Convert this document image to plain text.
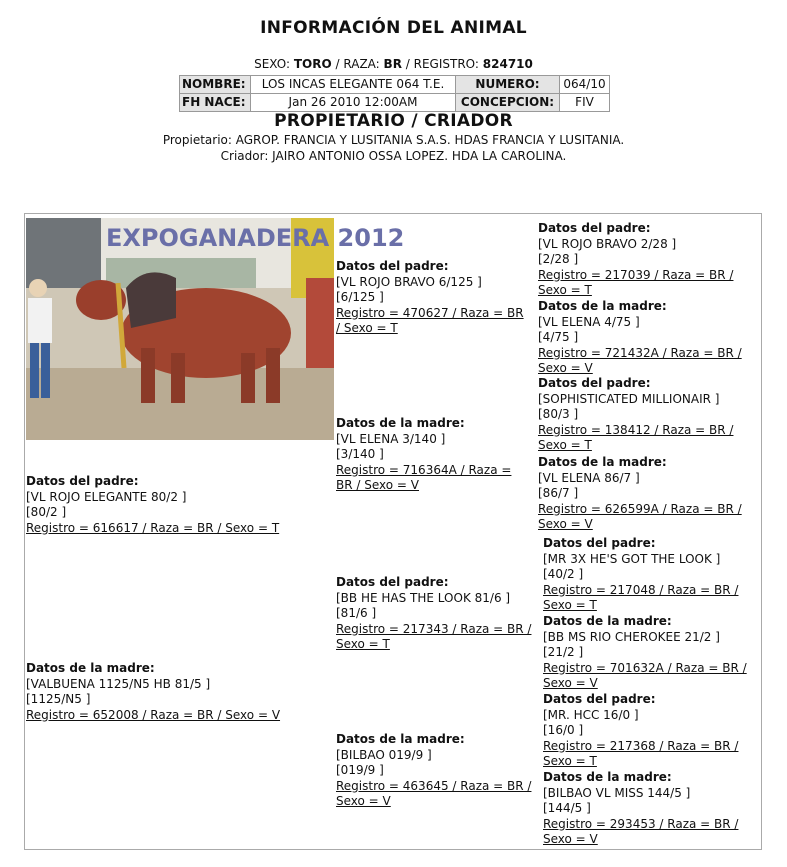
INFORMACIÓN DEL ANIMAL
SEXO: TORO / RAZA: BR / REGISTRO: 824710
NOMBRE:	LOS INCAS ELEGANTE 064 T.E.	NUMERO:	064/10
FH NACE:	Jan 26 2010 12:00AM	CONCEPCION:	FIV
PROPIETARIO / CRIADOR
Propietario: AGROP. FRANCIA Y LUSITANIA S.A.S. HDAS FRANCIA Y LUSITANIA.
Criador: JAIRO ANTONIO OSSA LOPEZ. HDA LA CAROLINA.
EXPOGANADERA 2012
Datos del padre:
[VL ROJO ELEGANTE 80/2 ]
[80/2 ]
Registro = 616617 / Raza = BR / Sexo = T
Datos de la madre:
[VALBUENA 1125/N5 HB 81/5 ]
[1125/N5 ]
Registro = 652008 / Raza = BR / Sexo = V
Datos del padre:
[VL ROJO BRAVO 6/125 ]
[6/125 ]
Registro = 470627 / Raza = BR / Sexo = T
Datos de la madre:
[VL ELENA 3/140 ]
[3/140 ]
Registro = 716364A / Raza = BR / Sexo = V
Datos del padre:
[BB HE HAS THE LOOK 81/6 ]
[81/6 ]
Registro = 217343 / Raza = BR / Sexo = T
Datos de la madre:
[BILBAO 019/9 ]
[019/9 ]
Registro = 463645 / Raza = BR / Sexo = V
Datos del padre:
[VL ROJO BRAVO 2/28 ]
[2/28 ]
Registro = 217039 / Raza = BR / Sexo = T
Datos de la madre:
[VL ELENA 4/75 ]
[4/75 ]
Registro = 721432A / Raza = BR / Sexo = V
Datos del padre:
[SOPHISTICATED MILLIONAIR ]
[80/3 ]
Registro = 138412 / Raza = BR / Sexo = T
Datos de la madre:
[VL ELENA 86/7 ]
[86/7 ]
Registro = 626599A / Raza = BR / Sexo = V
Datos del padre:
[MR 3X HE'S GOT THE LOOK ]
[40/2 ]
Registro = 217048 / Raza = BR / Sexo = T
Datos de la madre:
[BB MS RIO CHEROKEE 21/2 ]
[21/2 ]
Registro = 701632A / Raza = BR / Sexo = V
Datos del padre:
[MR. HCC 16/0 ]
[16/0 ]
Registro = 217368 / Raza = BR / Sexo = T
Datos de la madre:
[BILBAO VL MISS 144/5 ]
[144/5 ]
Registro = 293453 / Raza = BR / Sexo = V
